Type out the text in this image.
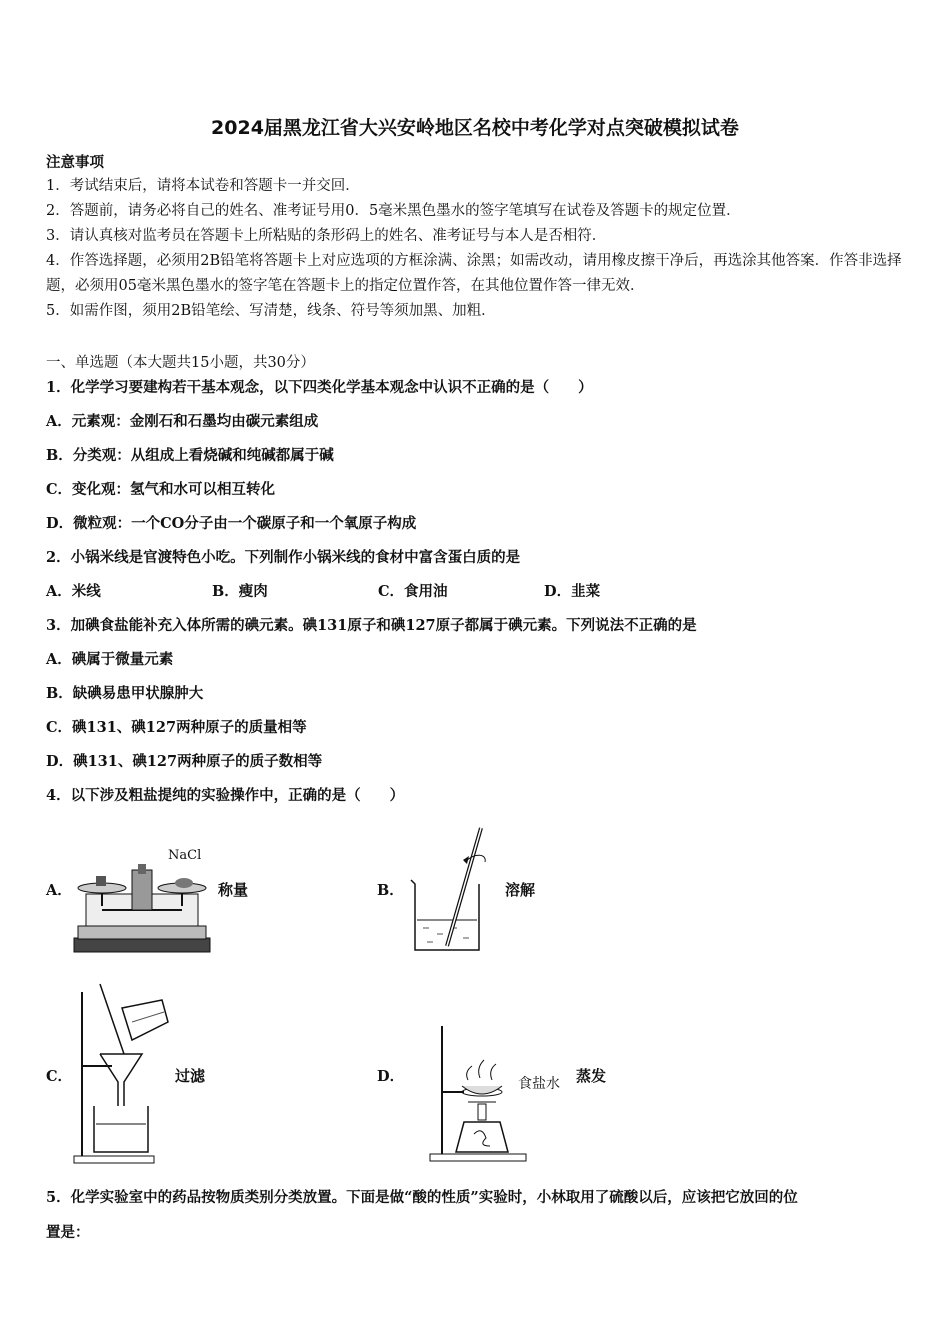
2024届黑龙江省大兴安岭地区名校中考化学对点突破模拟试卷
注意事项
1．考试结束后，请将本试卷和答题卡一并交回．
2．答题前，请务必将自己的姓名、准考证号用0．5毫米黑色墨水的签字笔填写在试卷及答题卡的规定位置．
3．请认真核对监考员在答题卡上所粘贴的条形码上的姓名、准考证号与本人是否相符．
4．作答选择题，必须用2B铅笔将答题卡上对应选项的方框涂满、涂黑；如需改动，请用橡皮擦干净后，再选涂其他答案．作答非选择题，必须用05毫米黑色墨水的签字笔在答题卡上的指定位置作答，在其他位置作答一律无效．
5．如需作图，须用2B铅笔绘、写清楚，线条、符号等须加黑、加粗．
一、单选题（本大题共15小题，共30分）
1．化学学习要建构若干基本观念，以下四类化学基本观念中认识不正确的是（　　）
A．元素观：金刚石和石墨均由碳元素组成
B．分类观：从组成上看烧碱和纯碱都属于碱
C．变化观：氢气和水可以相互转化
D．微粒观：一个CO分子由一个碳原子和一个氧原子构成
2．小锅米线是官渡特色小吃。下列制作小锅米线的食材中富含蛋白质的是
A．米线	B．瘦肉	C．食用油	D．韭菜
3．加碘食盐能补充入体所需的碘元素。碘131原子和碘127原子都属于碘元素。下列说法不正确的是
A．碘属于微量元素
B．缺碘易患甲状腺肿大
C．碘131、碘127两种原子的质量相等
D．碘131、碘127两种原子的质子数相等
4．以下涉及粗盐提纯的实验操作中，正确的是（　　）
A．
NaCl
称量	B．	溶解
C．	过滤	D．	食盐水 蒸发
5．化学实验室中的药品按物质类别分类放置。下面是做“酸的性质”实验时，小林取用了硫酸以后，应该把它放回的位
置是：
